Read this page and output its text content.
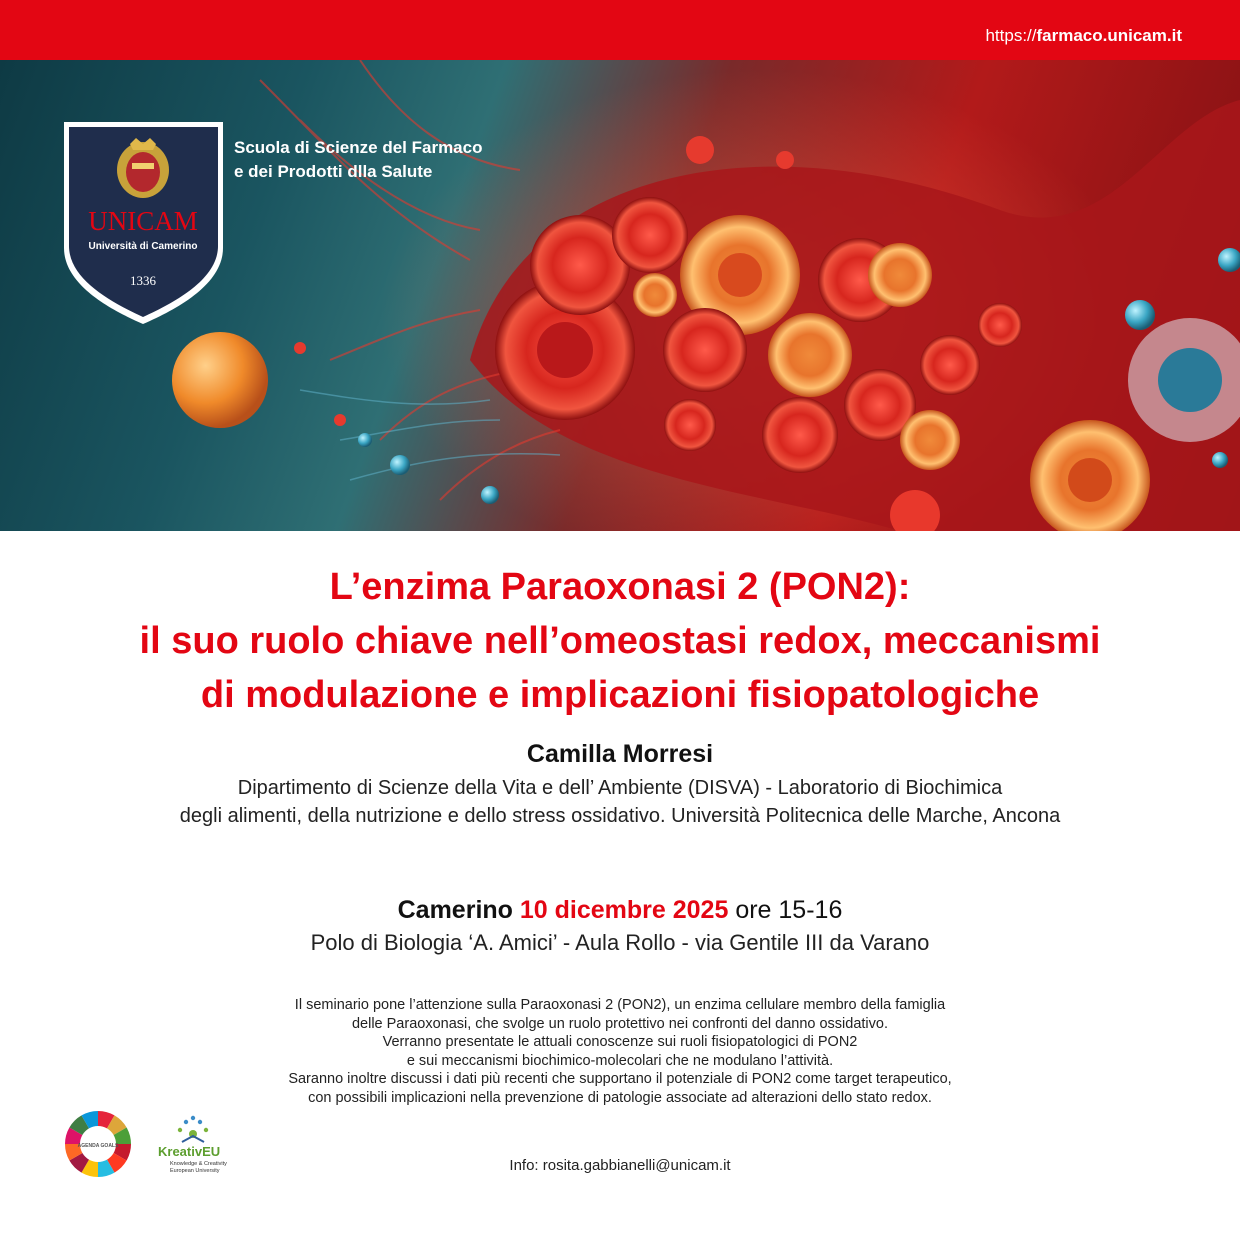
https://farmaco.unicam.it
UNICAM
Università di Camerino
1336
Scuola di Scienze del Farmaco
e dei Prodotti dlla Salute
L’enzima Paraoxonasi 2 (PON2):
il suo ruolo chiave nell’omeostasi redox, meccanismi
di modulazione e implicazioni fisiopatologiche
Camilla Morresi
Dipartimento di Scienze della Vita e dell’ Ambiente (DISVA) - Laboratorio di Biochimica
degli alimenti, della nutrizione e dello stress ossidativo. Università Politecnica delle Marche, Ancona
Camerino 10 dicembre 2025 ore 15-16
Polo di Biologia ‘A. Amici’ - Aula Rollo - via Gentile III da Varano
Il seminario pone l’attenzione sulla Paraoxonasi 2 (PON2), un enzima cellulare membro della famiglia
delle Paraoxonasi, che svolge un ruolo protettivo nei confronti del danno ossidativo.
Verranno presentate le attuali conoscenze sui ruoli fisiopatologici di PON2
e sui meccanismi biochimico-molecolari che ne modulano l’attività.
Saranno inoltre discussi i dati più recenti che supportano il potenziale di PON2 come target terapeutico,
con possibili implicazioni nella prevenzione di patologie associate ad alterazioni dello stato redox.
AGENDA GOALS	KreativEU
Knowledge & Creativity
European University	Info: rosita.gabbianelli@unicam.it
